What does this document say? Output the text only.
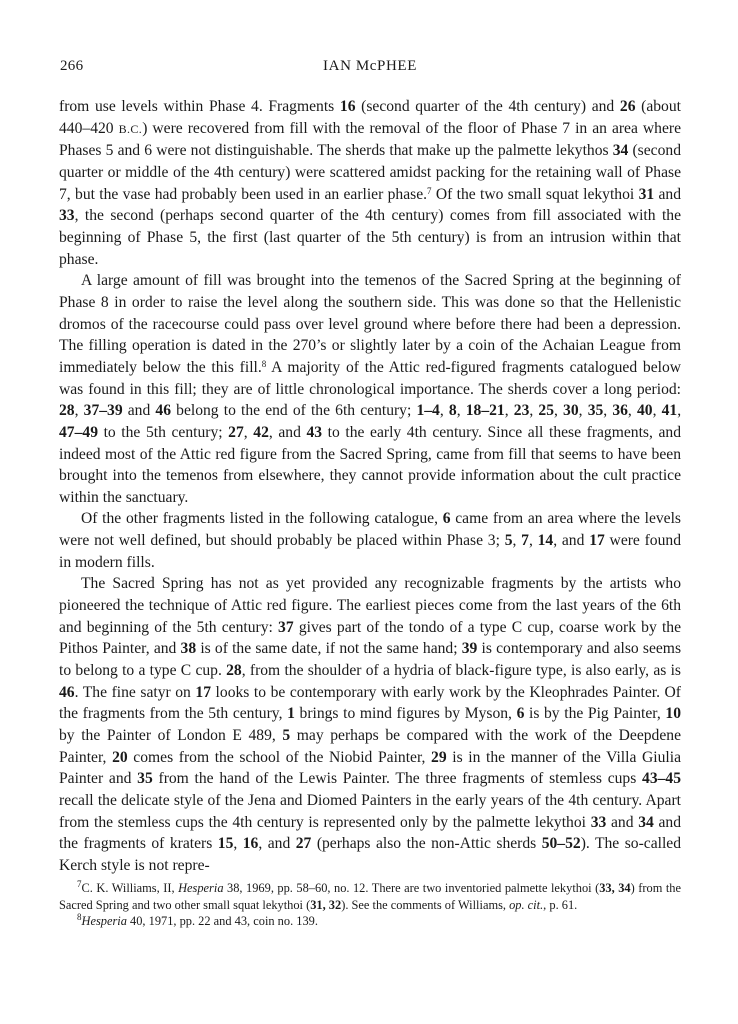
266	IAN McPHEE

from use levels within Phase 4. Fragments 16 (second quarter of the 4th century) and 26 (about 440–420 B.C.) were recovered from fill with the removal of the floor of Phase 7 in an area where Phases 5 and 6 were not distinguishable. The sherds that make up the palmette lekythos 34 (second quarter or middle of the 4th century) were scattered amidst packing for the retaining wall of Phase 7, but the vase had probably been used in an earlier phase.$^7$ Of the two small squat lekythoi 31 and 33, the second (perhaps second quarter of the 4th century) comes from fill associated with the beginning of Phase 5, the first (last quarter of the 5th century) is from an intrusion within that phase.

A large amount of fill was brought into the temenos of the Sacred Spring at the beginning of Phase 8 in order to raise the level along the southern side. This was done so that the Hellenistic dromos of the racecourse could pass over level ground where before there had been a depression. The filling operation is dated in the 270’s or slightly later by a coin of the Achaian League from immediately below the this fill.$^8$ A majority of the Attic red-figured fragments catalogued below was found in this fill; they are of little chronological importance. The sherds cover a long period: 28, 37–39 and 46 belong to the end of the 6th century; 1–4, 8, 18–21, 23, 25, 30, 35, 36, 40, 41, 47–49 to the 5th century; 27, 42, and 43 to the early 4th century. Since all these fragments, and indeed most of the Attic red figure from the Sacred Spring, came from fill that seems to have been brought into the temenos from elsewhere, they cannot provide information about the cult practice within the sanctuary.

Of the other fragments listed in the following catalogue, 6 came from an area where the levels were not well defined, but should probably be placed within Phase 3; 5, 7, 14, and 17 were found in modern fills.

The Sacred Spring has not as yet provided any recognizable fragments by the artists who pioneered the technique of Attic red figure. The earliest pieces come from the last years of the 6th and beginning of the 5th century: 37 gives part of the tondo of a type C cup, coarse work by the Pithos Painter, and 38 is of the same date, if not the same hand; 39 is contemporary and also seems to belong to a type C cup. 28, from the shoulder of a hydria of black-figure type, is also early, as is 46. The fine satyr on 17 looks to be contemporary with early work by the Kleophrades Painter. Of the fragments from the 5th century, 1 brings to mind figures by Myson, 6 is by the Pig Painter, 10 by the Painter of London E 489, 5 may perhaps be compared with the work of the Deepdene Painter, 20 comes from the school of the Niobid Painter, 29 is in the manner of the Villa Giulia Painter and 35 from the hand of the Lewis Painter. The three fragments of stemless cups 43–45 recall the delicate style of the Jena and Diomed Painters in the early years of the 4th century. Apart from the stemless cups the 4th century is represented only by the palmette lekythoi 33 and 34 and the fragments of kraters 15, 16, and 27 (perhaps also the non-Attic sherds 50–52). The so-called Kerch style is not repre-

$^7$C. K. Williams, II, Hesperia 38, 1969, pp. 58–60, no. 12. There are two inventoried palmette lekythoi (33, 34) from the Sacred Spring and two other small squat lekythoi (31, 32). See the comments of Williams, op. cit., p. 61.

$^8$Hesperia 40, 1971, pp. 22 and 43, coin no. 139.
